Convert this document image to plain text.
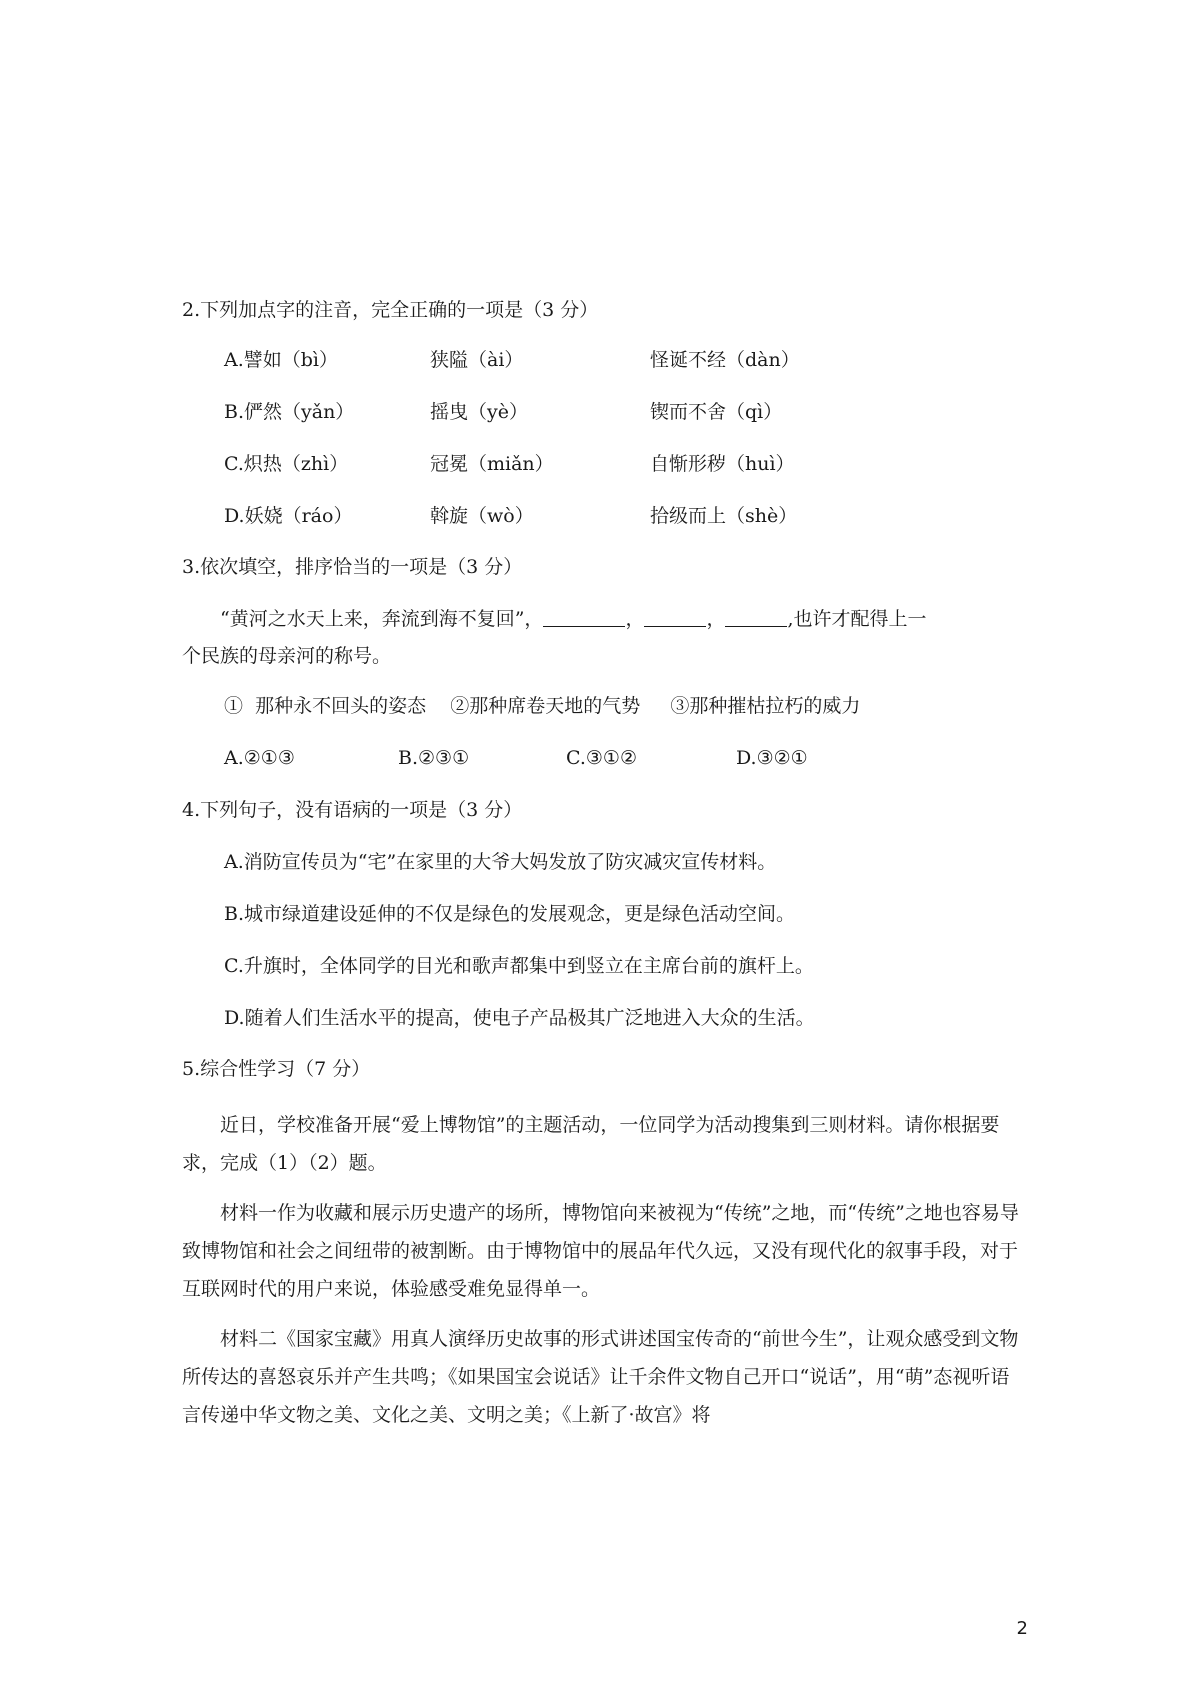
2.下列加点字的注音，完全正确的一项是（3 分）
A.譬如（bì）	狭隘（ài）	怪诞不经（dàn）
B.俨然（yǎn）	摇曳（yè）	锲而不舍（qì）
C.炽热（zhì）	冠冕（miǎn）	自惭形秽（huì）
D.妖娆（ráo）	斡旋（wò）	拾级而上（shè）
3.依次填空，排序恰当的一项是（3 分）
“黄河之水天上来，奔流到海不复回”，	，	，	,也许才配得上一
个民族的母亲河的称号。
①  那种永不回头的姿态    ②那种席卷天地的气势     ③那种摧枯拉朽的威力
A.②①③	B.②③①	C.③①②	D.③②①
4.下列句子，没有语病的一项是（3 分）
A.消防宣传员为“宅”在家里的大爷大妈发放了防灾减灾宣传材料。
B.城市绿道建设延伸的不仅是绿色的发展观念，更是绿色活动空间。
C.升旗时，全体同学的目光和歌声都集中到竖立在主席台前的旗杆上。
D.随着人们生活水平的提高，使电子产品极其广泛地进入大众的生活。
5.综合性学习（7 分）
近日，学校准备开展“爱上博物馆”的主题活动，一位同学为活动搜集到三则材料。请你根据要求，完成（1）（2）题。
材料一作为收藏和展示历史遗产的场所，博物馆向来被视为“传统”之地，而“传统”之地也容易导致博物馆和社会之间纽带的被割断。由于博物馆中的展品年代久远，又没有现代化的叙事手段，对于互联网时代的用户来说，体验感受难免显得单一。
材料二《国家宝藏》用真人演绎历史故事的形式讲述国宝传奇的“前世今生”，让观众感受到文物所传达的喜怒哀乐并产生共鸣；《如果国宝会说话》让千余件文物自己开口“说话”，用“萌”态视听语言传递中华文物之美、文化之美、文明之美；《上新了·故宫》将
2
